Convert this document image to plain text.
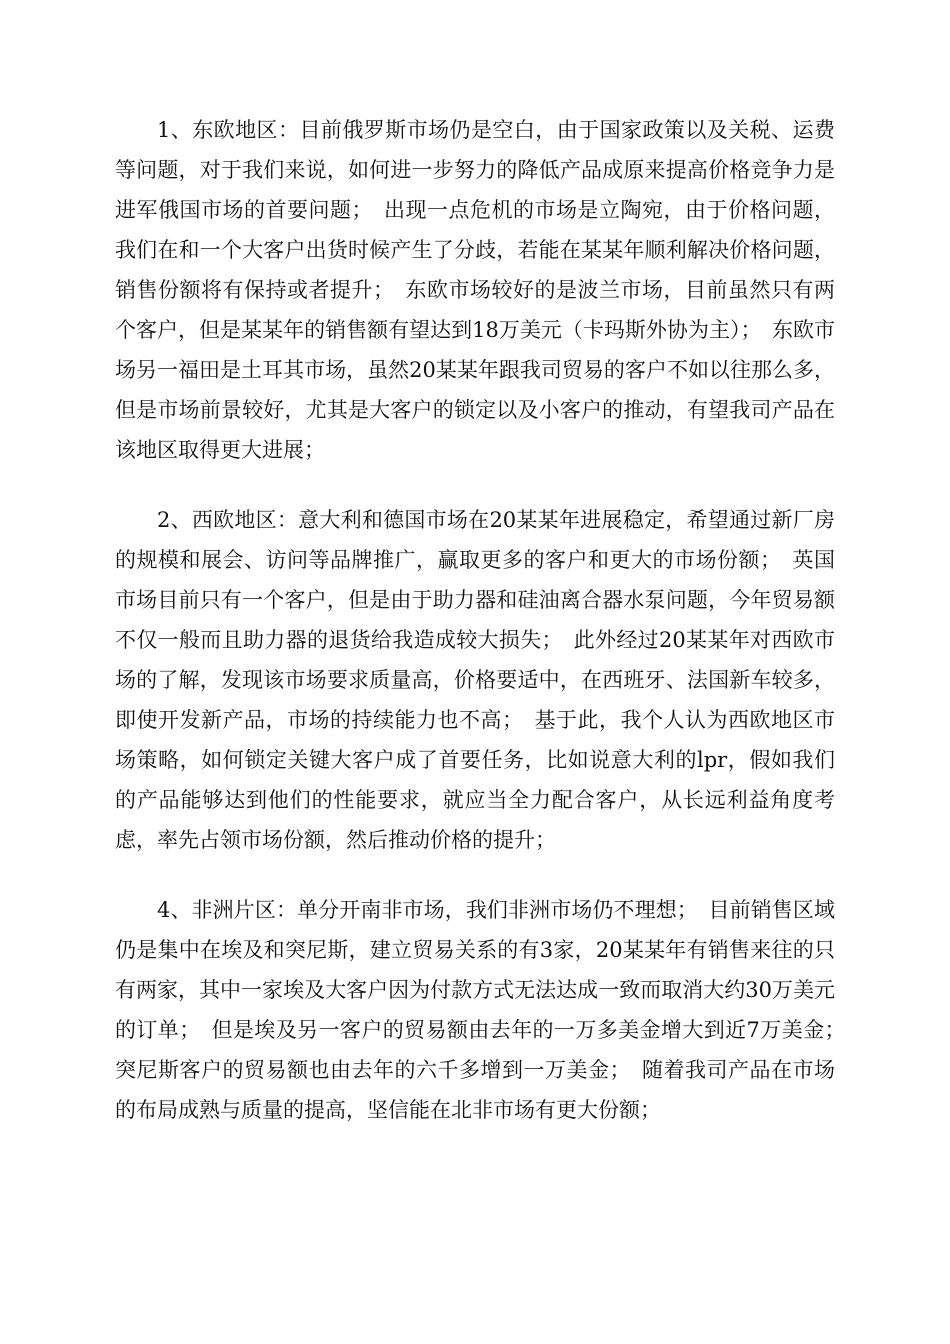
1、东欧地区：目前俄罗斯市场仍是空白，由于国家政策以及关税、运费等问题，对于我们来说，如何进一步努力的降低产品成原来提高价格竞争力是进军俄国市场的首要问题；　出现一点危机的市场是立陶宛，由于价格问题，我们在和一个大客户出货时候产生了分歧，若能在某某年顺利解决价格问题，销售份额将有保持或者提升；　东欧市场较好的是波兰市场，目前虽然只有两个客户，但是某某年的销售额有望达到18万美元（卡玛斯外协为主）；　东欧市场另一福田是土耳其市场，虽然20某某年跟我司贸易的客户不如以往那么多，但是市场前景较好，尤其是大客户的锁定以及小客户的推动，有望我司产品在该地区取得更大进展；

2、西欧地区：意大利和德国市场在20某某年进展稳定，希望通过新厂房的规模和展会、访问等品牌推广，赢取更多的客户和更大的市场份额；　英国市场目前只有一个客户，但是由于助力器和硅油离合器水泵问题，今年贸易额不仅一般而且助力器的退货给我造成较大损失；　此外经过20某某年对西欧市场的了解，发现该市场要求质量高，价格要适中，在西班牙、法国新车较多，即使开发新产品，市场的持续能力也不高；　基于此，我个人认为西欧地区市场策略，如何锁定关键大客户成了首要任务，比如说意大利的lpr，假如我们的产品能够达到他们的性能要求，就应当全力配合客户，从长远利益角度考虑，率先占领市场份额，然后推动价格的提升；

4、非洲片区：单分开南非市场，我们非洲市场仍不理想；　目前销售区域仍是集中在埃及和突尼斯，建立贸易关系的有3家，20某某年有销售来往的只有两家，其中一家埃及大客户因为付款方式无法达成一致而取消大约30万美元的订单；　但是埃及另一客户的贸易额由去年的一万多美金增大到近7万美金；　突尼斯客户的贸易额也由去年的六千多增到一万美金；　随着我司产品在市场的布局成熟与质量的提高，坚信能在北非市场有更大份额；
